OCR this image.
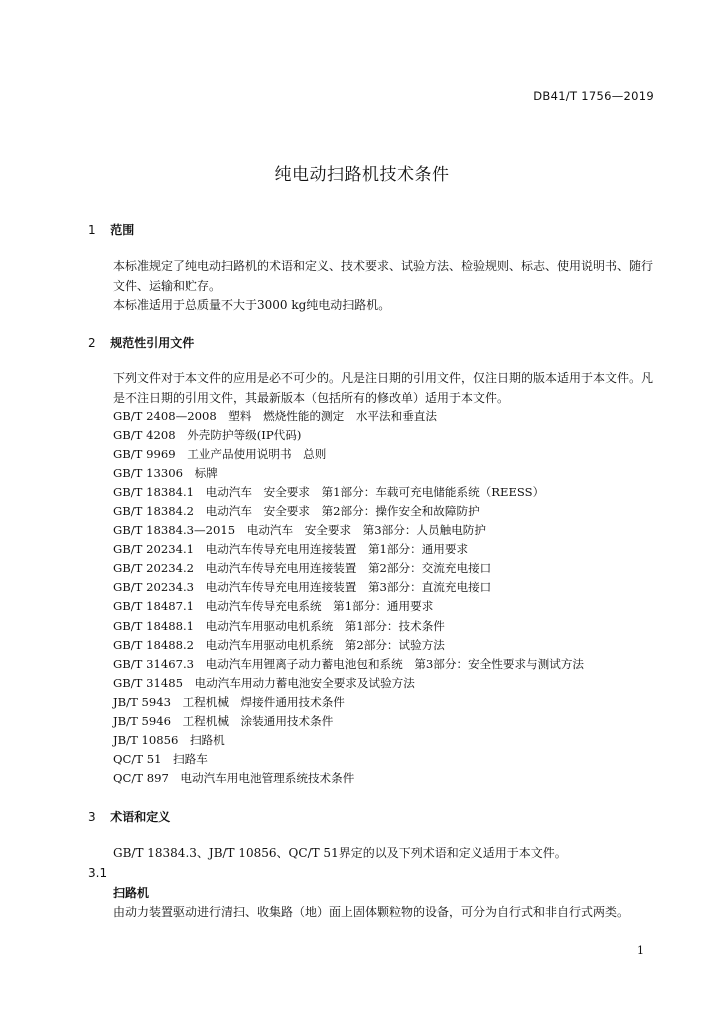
DB41/T 1756—2019
纯电动扫路机技术条件
1 范围
本标准规定了纯电动扫路机的术语和定义、技术要求、试验方法、检验规则、标志、使用说明书、随行文件、运输和贮存。
本标准适用于总质量不大于3000 kg纯电动扫路机。
2 规范性引用文件
下列文件对于本文件的应用是必不可少的。凡是注日期的引用文件，仅注日期的版本适用于本文件。凡是不注日期的引用文件，其最新版本（包括所有的修改单）适用于本文件。
GB/T 2408—2008　塑料　燃烧性能的测定　水平法和垂直法
GB/T 4208　外壳防护等级(IP代码)
GB/T 9969　工业产品使用说明书　总则
GB/T 13306　标牌
GB/T 18384.1　电动汽车　安全要求　第1部分：车载可充电储能系统（REESS）
GB/T 18384.2　电动汽车　安全要求　第2部分：操作安全和故障防护
GB/T 18384.3—2015　电动汽车　安全要求　第3部分：人员触电防护
GB/T 20234.1　电动汽车传导充电用连接装置　第1部分：通用要求
GB/T 20234.2　电动汽车传导充电用连接装置　第2部分：交流充电接口
GB/T 20234.3　电动汽车传导充电用连接装置　第3部分：直流充电接口
GB/T 18487.1　电动汽车传导充电系统　第1部分：通用要求
GB/T 18488.1　电动汽车用驱动电机系统　第1部分：技术条件
GB/T 18488.2　电动汽车用驱动电机系统　第2部分：试验方法
GB/T 31467.3　电动汽车用锂离子动力蓄电池包和系统　第3部分：安全性要求与测试方法
GB/T 31485　电动汽车用动力蓄电池安全要求及试验方法
JB/T 5943　工程机械　焊接件通用技术条件
JB/T 5946　工程机械　涂装通用技术条件
JB/T 10856　扫路机
QC/T 51　扫路车
QC/T 897　电动汽车用电池管理系统技术条件
3 术语和定义
GB/T 18384.3、JB/T 10856、QC/T 51界定的以及下列术语和定义适用于本文件。
3.1
扫路机
由动力装置驱动进行清扫、收集路（地）面上固体颗粒物的设备，可分为自行式和非自行式两类。
1
